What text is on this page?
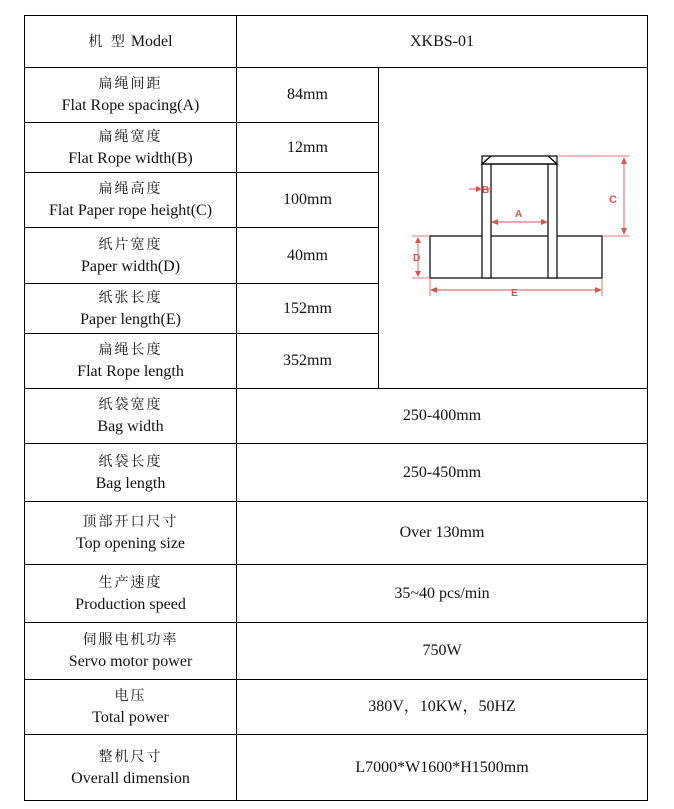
机 型 Model	XKBS-01	

扁绳间距
Flat Rope spacing(A)	84mm	C
B
A
D
E

扁绳宽度
Flat Rope width(B)	12mm	

扁绳高度
Flat Paper rope height(C)	100mm	

纸片宽度
Paper width(D)	40mm	

纸张长度
Paper length(E)	152mm	

扁绳长度
Flat Rope length	352mm	

纸袋宽度
Bag width	250-400mm	

纸袋长度
Bag length	250-450mm	

顶部开口尺寸
Top opening size	Over 130mm	

生产速度
Production speed	35~40 pcs/min	

伺服电机功率
Servo motor power	750W	

电压
Total power	380V，10KW，50HZ	

整机尺寸
Overall dimension	L7000*W1600*H1500mm	
